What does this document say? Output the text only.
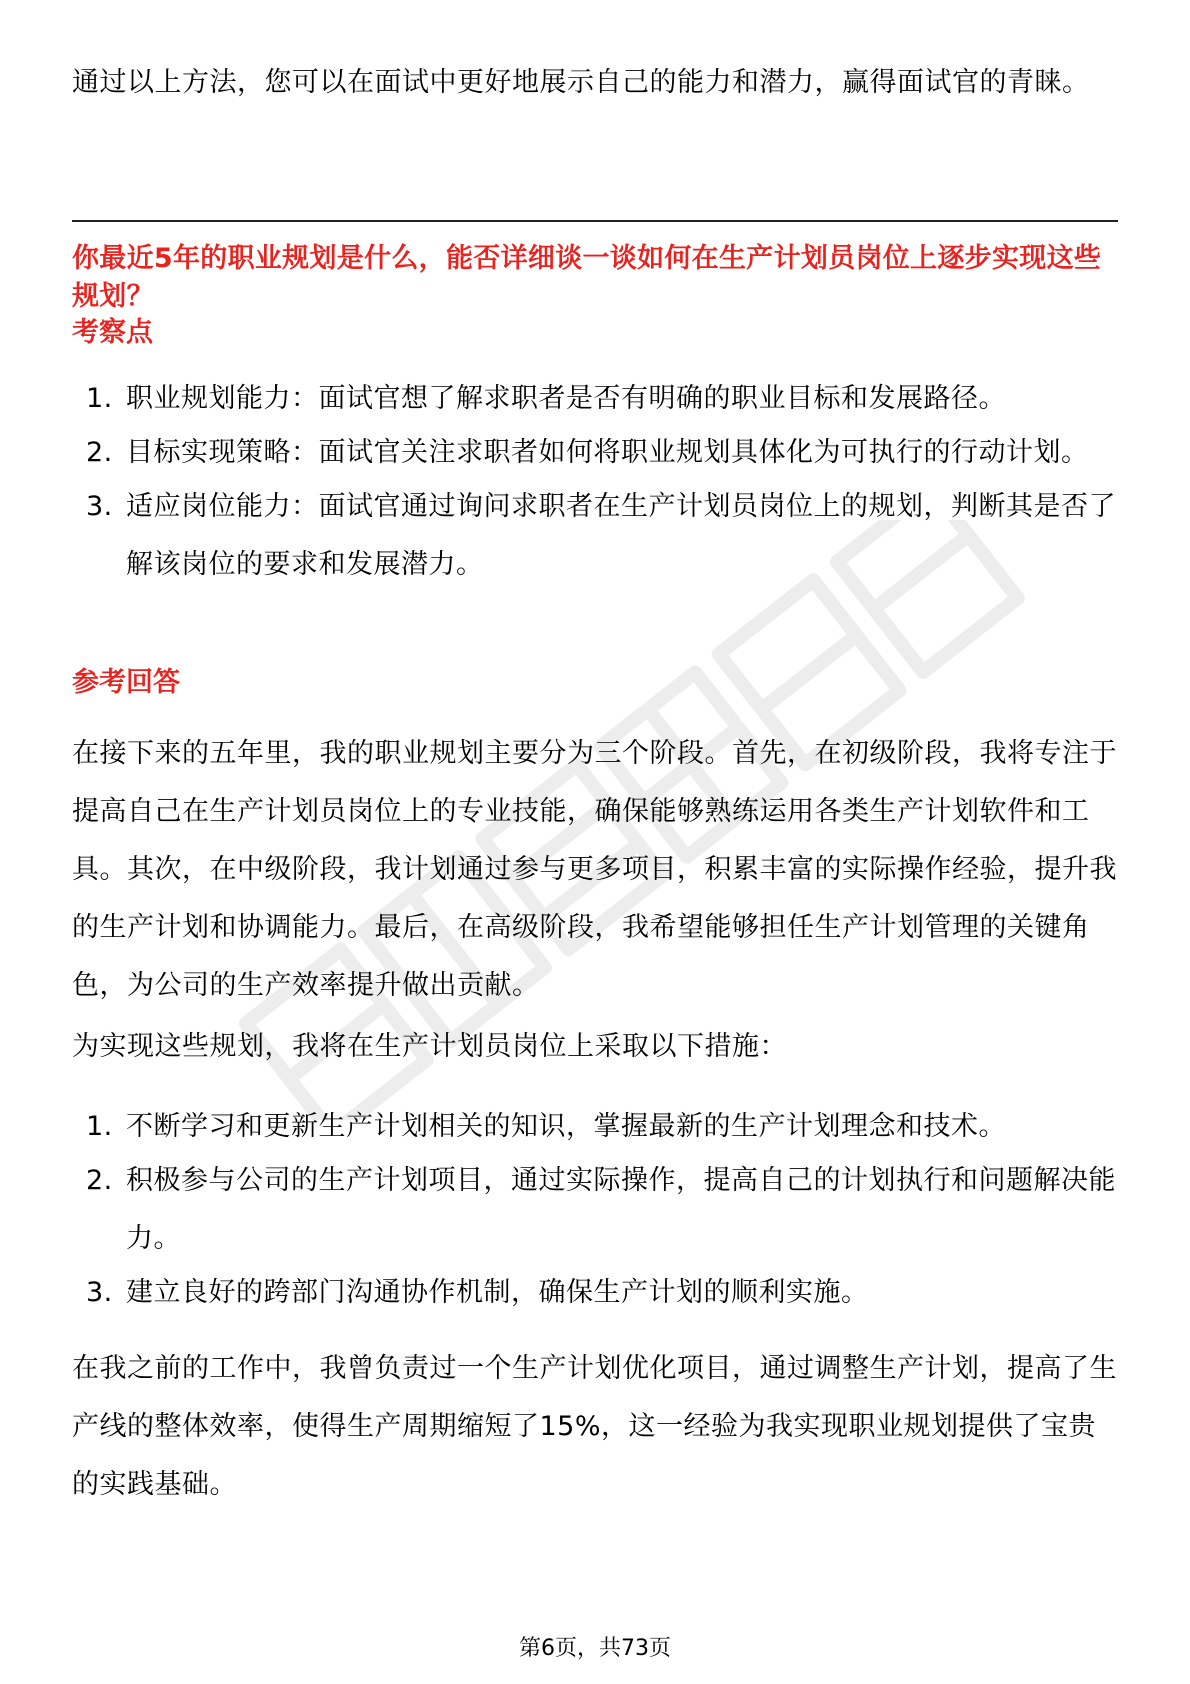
通过以上方法，您可以在面试中更好地展示自己的能力和潜力，赢得面试官的青睐。

你最近5年的职业规划是什么，能否详细谈一谈如何在生产计划员岗位上逐步实现这些规划？
考察点
1. 职业规划能力：面试官想了解求职者是否有明确的职业目标和发展路径。
2. 目标实现策略：面试官关注求职者如何将职业规划具体化为可执行的行动计划。
3. 适应岗位能力：面试官通过询问求职者在生产计划员岗位上的规划，判断其是否了解该岗位的要求和发展潜力。
参考回答

在接下来的五年里，我的职业规划主要分为三个阶段。首先，在初级阶段，我将专注于提高自己在生产计划员岗位上的专业技能，确保能够熟练运用各类生产计划软件和工具。其次，在中级阶段，我计划通过参与更多项目，积累丰富的实际操作经验，提升我的生产计划和协调能力。最后，在高级阶段，我希望能够担任生产计划管理的关键角色，为公司的生产效率提升做出贡献。

为实现这些规划，我将在生产计划员岗位上采取以下措施：

1. 不断学习和更新生产计划相关的知识，掌握最新的生产计划理念和技术。
2. 积极参与公司的生产计划项目，通过实际操作，提高自己的计划执行和问题解决能力。
3. 建立良好的跨部门沟通协作机制，确保生产计划的顺利实施。

在我之前的工作中，我曾负责过一个生产计划优化项目，通过调整生产计划，提高了生产线的整体效率，使得生产周期缩短了15%，这一经验为我实现职业规划提供了宝贵的实践基础。

第6页，共73页
